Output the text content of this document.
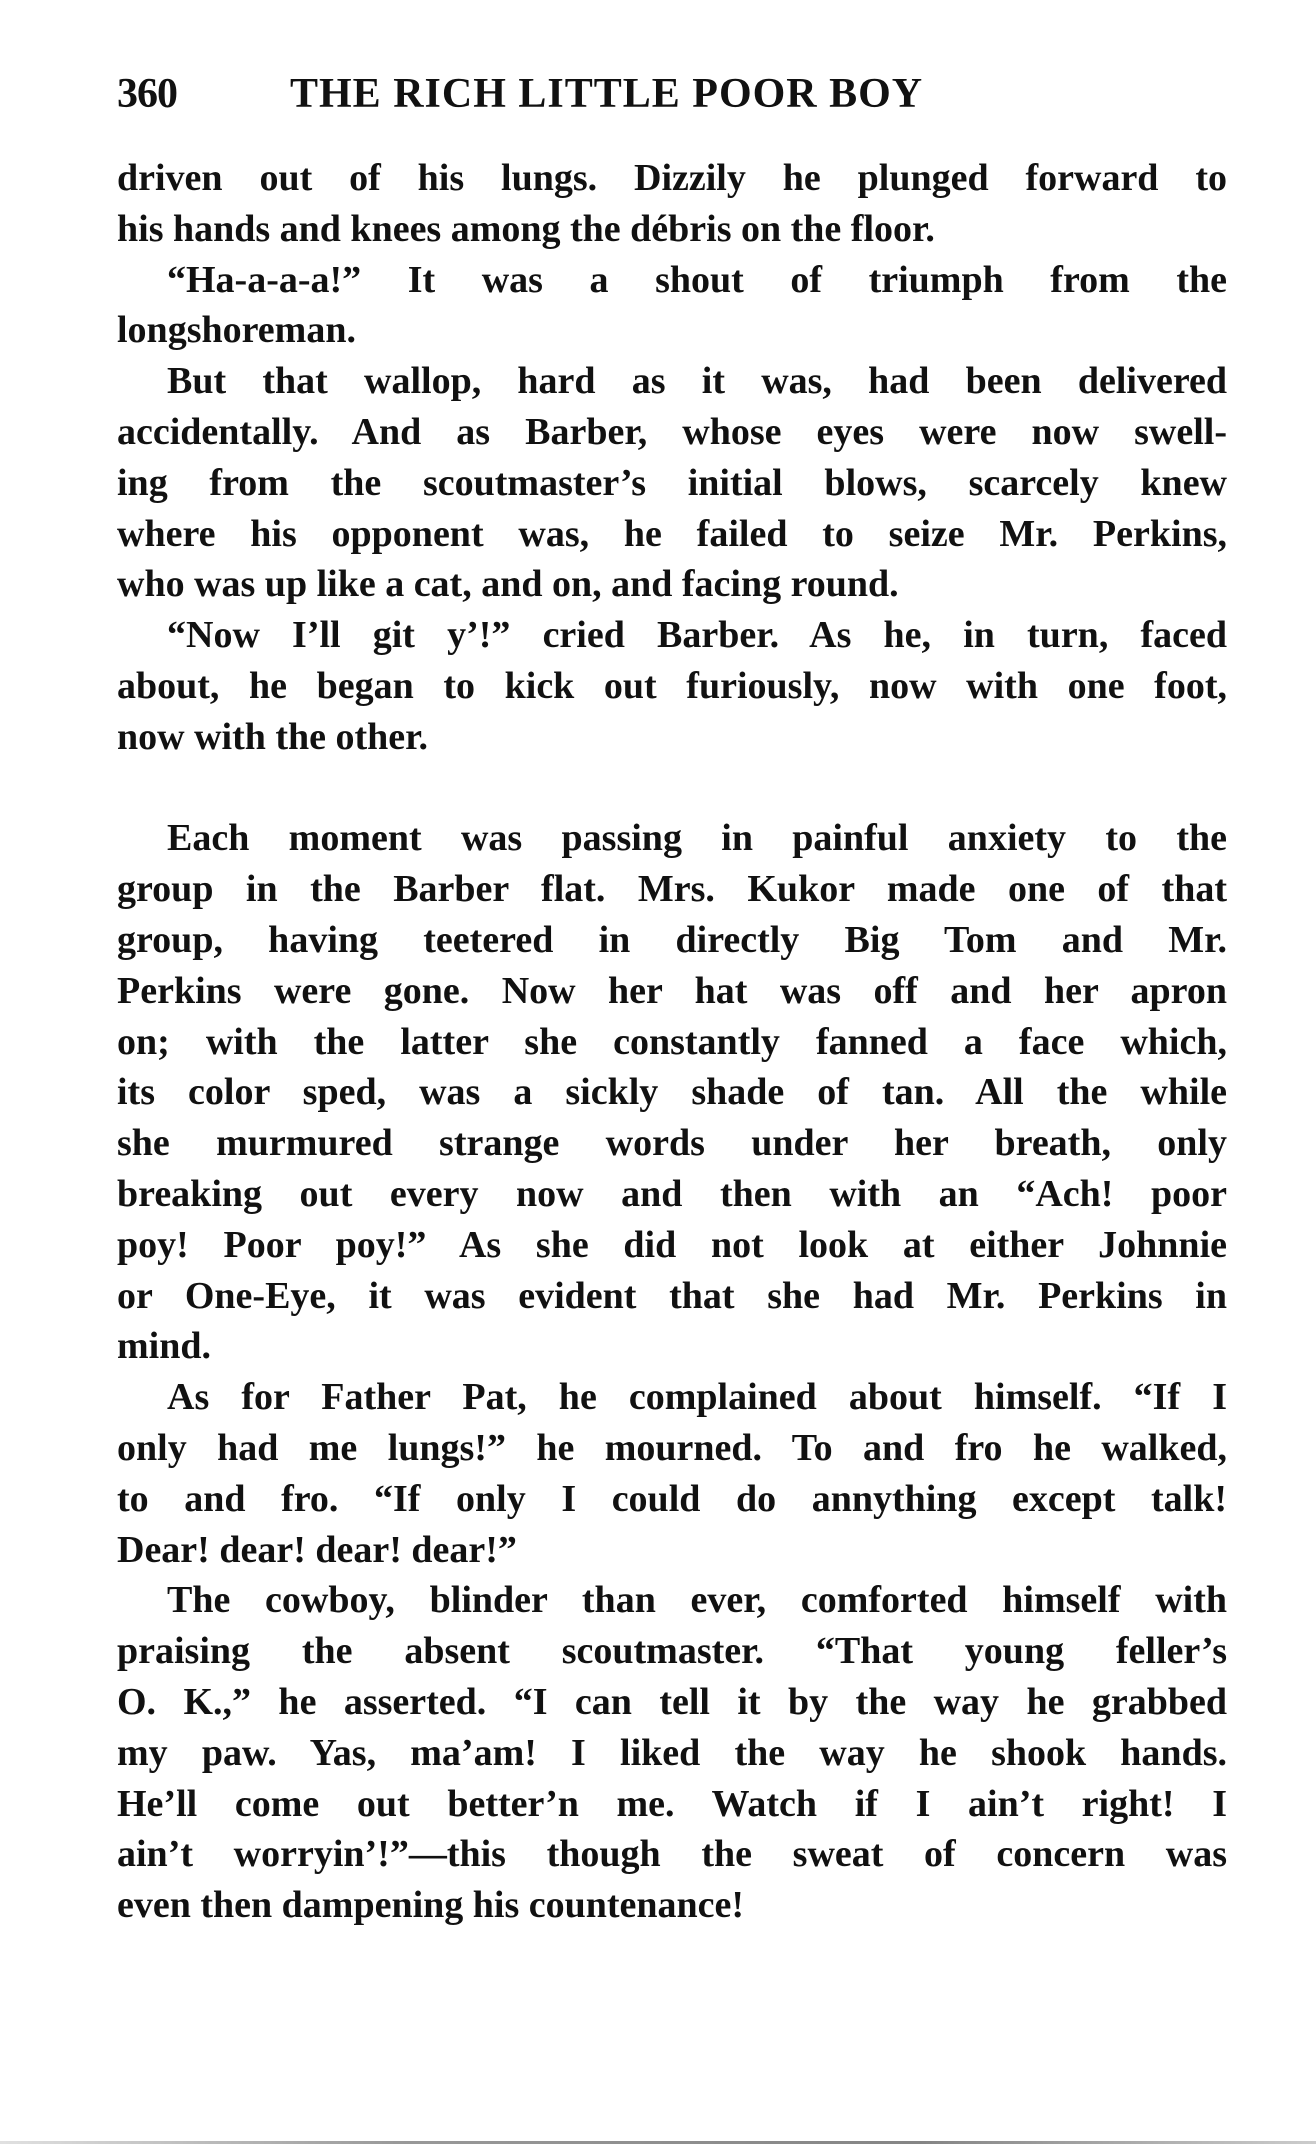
360	THE RICH LITTLE POOR BOY
driven out of his lungs. Dizzily he plunged forward to
his hands and knees among the débris on the floor.
“Ha-a-a-a!” It was a shout of triumph from the
longshoreman.
But that wallop, hard as it was, had been delivered
accidentally. And as Barber, whose eyes were now swell-
ing from the scoutmaster’s initial blows, scarcely knew
where his opponent was, he failed to seize Mr. Perkins,
who was up like a cat, and on, and facing round.
“Now I’ll git y’!” cried Barber. As he, in turn, faced
about, he began to kick out furiously, now with one foot,
now with the other.
Each moment was passing in painful anxiety to the
group in the Barber flat. Mrs. Kukor made one of that
group, having teetered in directly Big Tom and Mr.
Perkins were gone. Now her hat was off and her apron
on; with the latter she constantly fanned a face which,
its color sped, was a sickly shade of tan. All the while
she murmured strange words under her breath, only
breaking out every now and then with an “Ach! poor
poy! Poor poy!” As she did not look at either Johnnie
or One-Eye, it was evident that she had Mr. Perkins in
mind.
As for Father Pat, he complained about himself. “If I
only had me lungs!” he mourned. To and fro he walked,
to and fro. “If only I could do annything except talk!
Dear! dear! dear! dear!”
The cowboy, blinder than ever, comforted himself with
praising the absent scoutmaster. “That young feller’s
O. K.,” he asserted. “I can tell it by the way he grabbed
my paw. Yas, ma’am! I liked the way he shook hands.
He’ll come out better’n me. Watch if I ain’t right! I
ain’t worryin’!”—this though the sweat of concern was
even then dampening his countenance!
